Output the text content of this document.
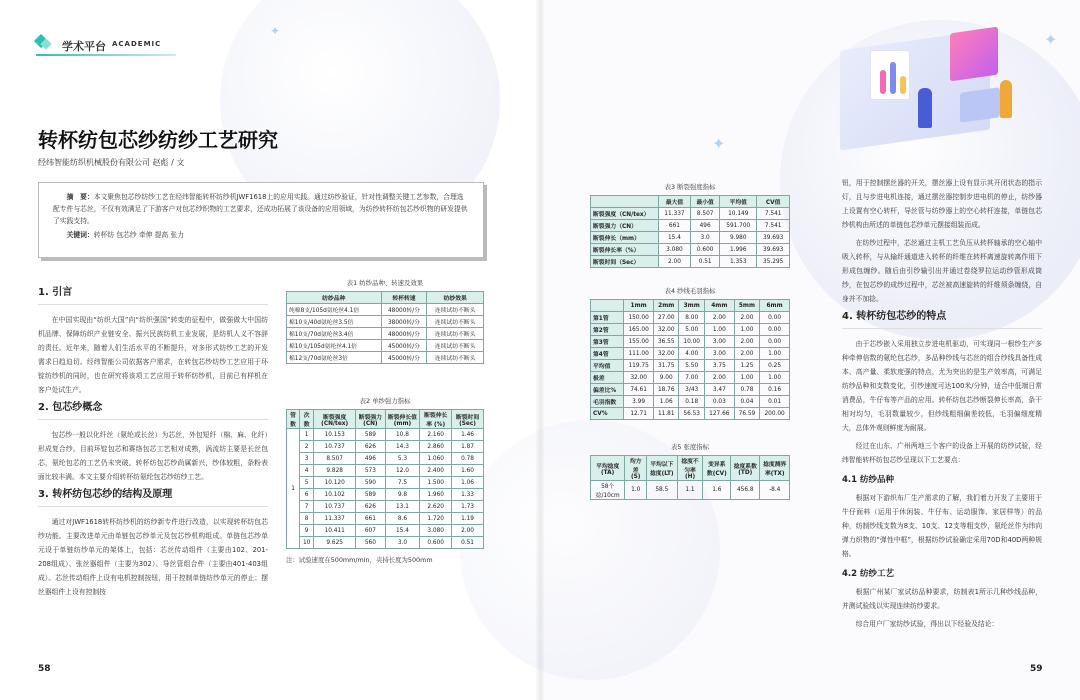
✦
✦
✦
学术平台 ACADEMIC
转杯纺包芯纱纺纱工艺研究
经纬智能纺织机械股份有限公司 赵彪 / 文
摘　要：本文聚焦包芯纱纺纱工艺在经纬智能转杯纺纱机JWF1618上的应用实践。通过纺纱验证，针对性调整关键工艺参数，合理选配专件与芯丝，不仅有效满足了下游客户对包芯纱织物的工艺要求，还成功拓展了该设备的应用领域，为纺纱转杯纺包芯纱织物的研发提供了实践支持。
关键词：转杯纺 包芯纱 牵伸 提高 张力
1. 引言
在中国实现由“纺织大国”向“纺织强国”转变的征程中，做强做大中国纺机品牌、保障纺织产业链安全、振兴民族纺机工业发展，是纺机人义不容辞的责任。近年来，随着人们生活水平的不断提升，对多形式纺纱工艺的开发需求日趋迫切。经纬智能公司依据客户需求，在转包芯纱纺纱工艺应用于环锭纺纱机的同时，也在研究将该项工艺应用于转杯纺纱机，目前已有样机在客户处试生产。
2. 包芯纱概念
包芯纱一般以化纤丝（氨纶或长丝）为芯丝，外包短纤（棉、麻、化纤）形成复合纱。目前环锭包芯和赛络包芯工艺相对成熟，涡流纺主要是长丝包芯，氨纶包芯的工艺仍未突破。转杯纺包芯纱尚属新兴，纱体较粗，条粉表面比较丰满。本文主要介绍转杯纺氨纶包芯纱纺纱工艺。
3. 转杯纺包芯纱的结构及原理
通过对JWF1618转杯纺纱机的纺纱新专件进行改造，以实现转杯纺包芯纱功能。主要改进单元由单链包芯纱单元及包芯纱机构组成。单链包芯纱单元设于单链纺纱单元的架体上，包括：芯丝传动组件（主要由102、201-208组成）、张丝器组件（主要为302）、导丝管组合件（主要由401-403组成）。芯丝传动组件上设有电机控制按钮，用于控制单链纺纱单元的停止；摆丝器组件上设有控制按
表1 纺纱品种、转速及效果
纺纱品种	转杯转速	纺纱效果
纯棉8支/105d氨纶丝4.1倍	48000转/分	连续试纺不断头
棉10支/40d氨纶丝3.5倍	38000转/分	连续试纺不断头
棉10支/70d氨纶丝3.4倍	48000转/分	连续试纺不断头
棉10支/105d氨纶丝4.1倍	45000转/分	连续试纺不断头
棉12支/70d氨纶丝3倍	45000转/分	连续试纺不断头
表2 单纱强力指标
管数	次数	断裂强度 (CN/tex)	断裂强力 (CN)	断裂伸长值 (mm)	断裂伸长率 (%)	断裂时间 (Sec)
1	1	10.153	589	10.8	2.160	1.46
	2	10.737	626	14.3	2.860	1.87
	3	8.507	496	5.3	1.060	0.78
	4	9.828	573	12.0	2.400	1.60
	5	10.120	590	7.5	1.500	1.06
	6	10.102	589	9.8	1.960	1.33
	7	10.737	626	13.1	2.620	1.73
	8	11.337	661	8.6	1.720	1.19
	9	10.411	607	15.4	3.080	2.00
	10	9.625	560	3.0	0.600	0.51
注：试验速度在500mm/min，夹持长度为500mm
表3 断裂强度指标
	最大值	最小值	平均值	CV值
断裂强度（CN/tex）	11.337	8.507	10.149	7.541
断裂强力（CN）	661	496	591.700	7.541
断裂伸长（mm）	15.4	3.0	9.980	39.693
断裂伸长率（%）	3.080	0.600	1.996	39.693
断裂时间（Sec）	2.00	0.51	1.353	35.295
表4 纱线毛羽指标
	1mm	2mm	3mm	4mm	5mm	6mm
第1管	150.00	27.00	8.00	2.00	2.00	0.00
第2管	165.00	32.00	5.00	1.00	1.00	0.00
第3管	155.00	36.55	10.00	3.00	2.00	0.00
第4管	111.00	32.00	4.00	3.00	2.00	1.00
平均值	119.75	31.75	5.50	3.75	1.25	0.25
极差	32.00	9.00	7.00	2.00	1.00	1.00
偏差比%	74.61	18.76	3/43	3.47	0.78	0.16
毛羽指数	3.99	1.06	0.18	0.03	0.04	0.01
CV%	12.71	11.81	56.53	127.66	76.59	200.00
表5 张度指标
平均捻度 (TA)	均方差 (S)	平均以下捻度(LT)	捻度不匀率(H)	变异系数(CV)	捻度系数(TD)	捻度测界率(TX)
58个捻/10cm	1.0	58.5	1.1	1.6	456.8	-8.4
钮，用于控制摆丝器的开关，摆丝器上设有显示其开闭状态的指示灯，且与步进电机连接，通过摆丝器控制步进电机的停止，纺纱器上设置有空心转杆，导丝管与纺纱器上的空心转杆连接，单链包芯纱机构由所述的单链包芯纱单元摆接组装而成。
在纺纱过程中，芯丝通过主机工艺负压从转杯轴承的空心轴中吸入转杯，与从输纤通道进入转杯的纤维在转杯离速旋转离作用下形成包缠纱。随后由引纱输引出并通过卷绕罗拉运动纱管形成筒纱，在包芯纱的成纱过程中，芯丝被高速旋转的纤维须条缠绕，自身并不加捻。
4. 转杯纺包芯纱的特点
由于芯纱嵌入采用独立步进电机驱动，可实现同一根纱生产多种牵伸倍数的氨纶包芯纱，多品种纱线与芯丝的组合纱线具备性成本、高产量、柔软度强的特点，尤为突出的是生产效率高，可满足纺纱品种和支数变化，引纱速度可达100米/分钟，适合中低端日常消费品，牛仔布等产品的应用。转杯纺包芯纱断裂伸长率高，条干相对均匀，毛羽数量较少，但纱线粗细偏差较低，毛羽偏细度精大，总体外观则鲜度为耐展。
经过在山东、广州两地三个客户的设备上开展的纺纱试验，经纬智能转杯纺包芯纱呈现以下工艺要点：
4.1 纺纱品种
根据对下游织布厂生产需求的了解，我们着力开发了主要用于牛仔面料（运用于休闲装、牛仔布、运动服饰、家居样等）的品种，纺制纱线支数为8支、10支、12支等粗支纱，氨纶丝作为纬向弹力织物的“弹性中框”，根据纺纱试验确定采用70D和40D两种规格。
4.2 纺纱工艺
根据广州某厂家试纺品种要求，纺制表1所示几种纱线品种，并测试验线以实现连续纺纱要求。
综合用户厂家纺纱试验，得出以下经验及结论：
58	59
